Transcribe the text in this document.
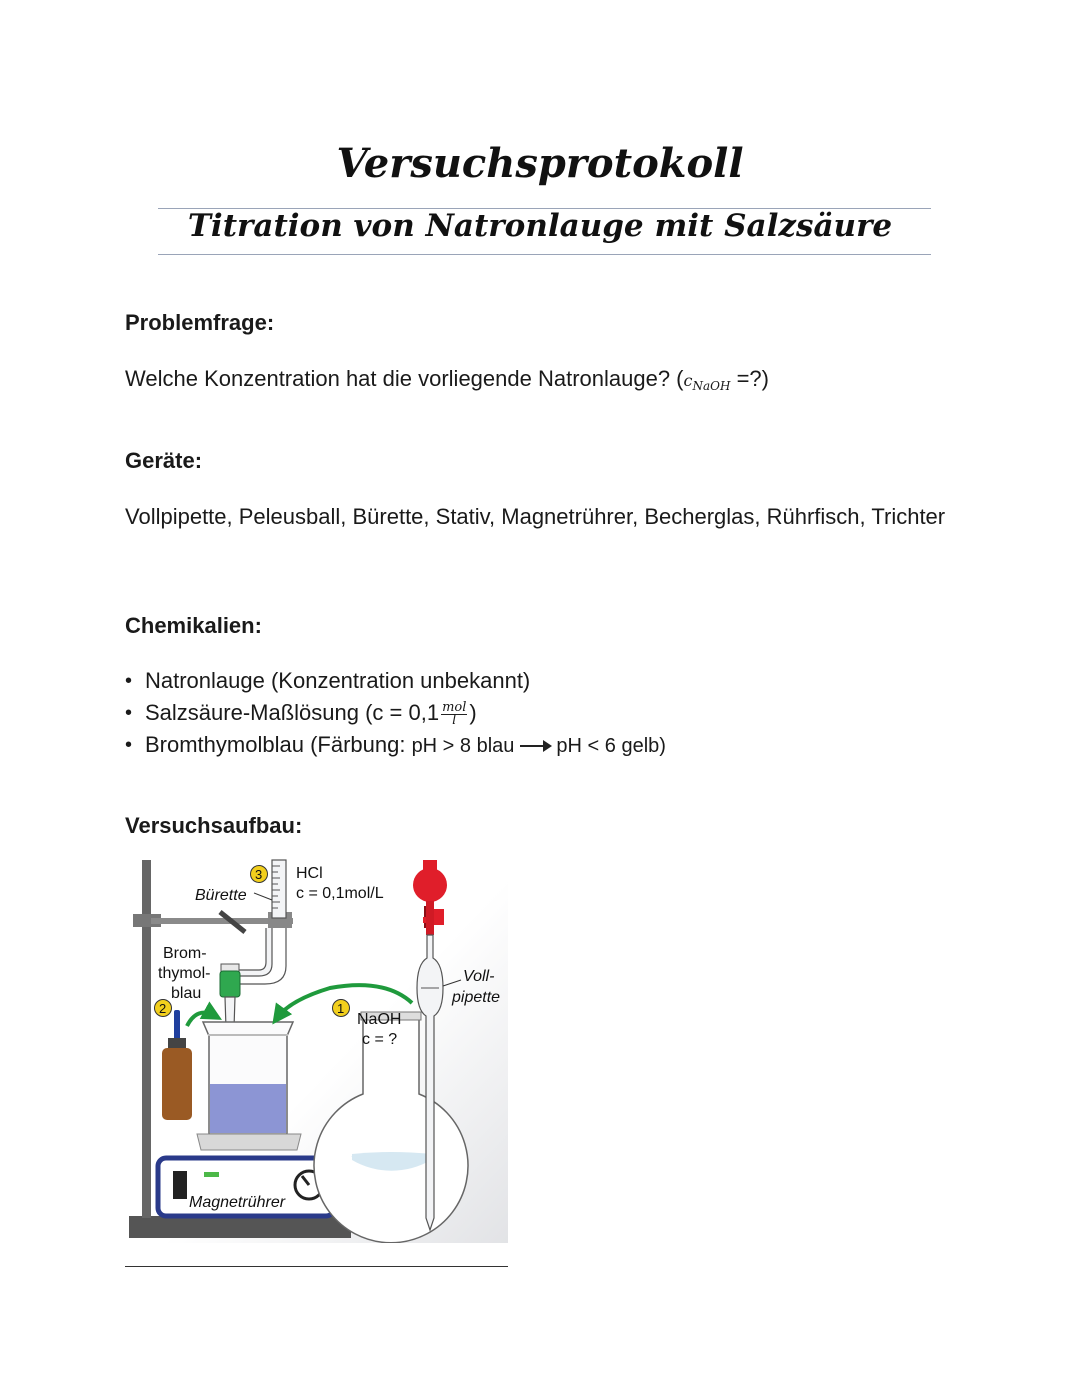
Versuchsprotokoll
Titration von Natronlauge mit Salzsäure
Problemfrage:
Welche Konzentration hat die vorliegende Natronlauge? ($c_{NaOH}$ =?)
Geräte:
Vollpipette, Peleusball, Bürette, Stativ, Magnetrührer, Becherglas, Rührfisch, Trichter
Chemikalien:
• Natronlauge (Konzentration unbekannt)
• Salzsäure-Maßlösung ($c = 0,1 \frac{\text{mol}}{l}$ )
• Bromthymolblau (Färbung: pH > 8 blau pH < 6 gelb)
Versuchsaufbau:
Bürette
3 HCl
c = 0,1mol/L
Brom-
thymol-
blau
2
Voll-
pipette
1
NaOH
c = ?
Magnetrührer
